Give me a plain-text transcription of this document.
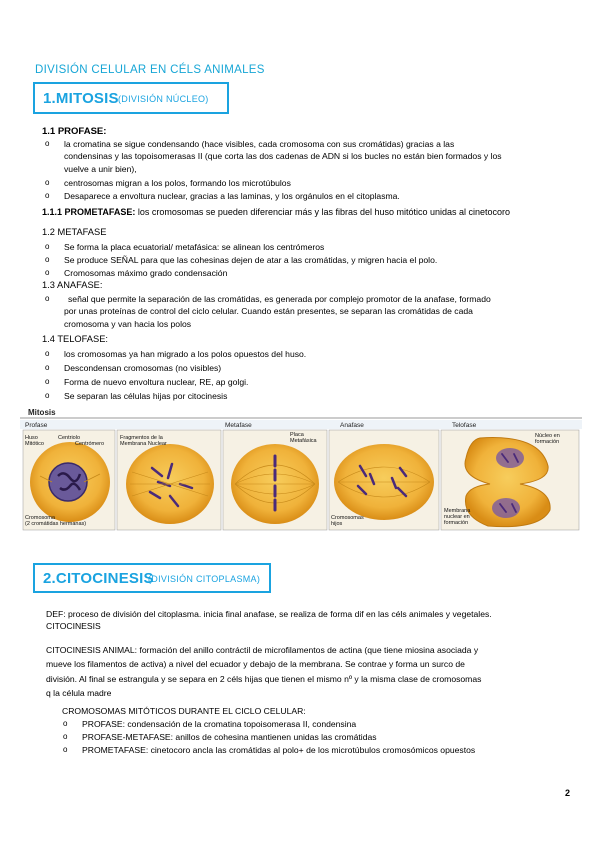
DIVISIÓN CELULAR EN CÉLS ANIMALES
1.MITOSIS (DIVISIÓN NÚCLEO)
1.1 PROFASE:
o la cromatina se sigue condensando (hace visibles, cada cromosoma con sus cromátidas) gracias a las
condensinas y las topoisomerasas II (que corta las dos cadenas de ADN si los bucles no están bien formados y los
vuelve a unir bien),
o centrosomas migran a los polos, formando los microtúbulos
o Desaparece a envoltura nuclear, gracias a las laminas, y los orgánulos en el citoplasma.
1.1.1 PROMETAFASE: los cromosomas se pueden diferenciar más y las fibras del huso mitótico unidas al cinetocoro
1.2 METAFASE
o Se forma la placa ecuatorial/ metafásica: se alinean los centrómeros
o Se produce SEÑAL para que las cohesinas dejen de atar a las cromátidas, y migren hacia el polo.
o Cromosomas máximo grado condensación
1.3 ANAFASE:
o	señal que permite la separación de las cromátidas, es generada por complejo promotor de la anafase, formado
por unas proteínas de control del ciclo celular. Cuando están presentes, se separan las cromátidas de cada
cromosoma y van hacia los polos
1.4 TELOFASE:
o los cromosomas ya han migrado a los polos opuestos del huso.
o Descondensan cromosomas (no visibles)
o Forma de nuevo envoltura nuclear, RE, ap golgi.
o Se separan las células hijas por citocinesis
Mitosis
Profase	Metafase	Anafase	Telofase
Huso
Mitótico
Centriolo
Centrómero
Cromosoma
(2 cromátidas hermanas)
Fragmentos de la
Membrana Nuclear
Placa
Metafásica
Cromosomas
hijos
Núcleo en
formación
Membrana
nuclear en
formación
2.CITOCINESIS
(DIVISIÓN CITOPLASMA)
DEF: proceso de división del citoplasma. inicia final anafase, se realiza de forma dif en las céls animales y vegetales.
CITOCINESIS
CITOCINESIS ANIMAL: formación del anillo contráctil de microfilamentos de actina (que tiene miosina asociada y
mueve los filamentos de activa) a nivel del ecuador y debajo de la membrana. Se contrae y forma un surco de
división. Al final se estrangula y se separa en 2 céls hijas que tienen el mismo nº y la misma clase de cromosomas
q la célula madre
CROMOSOMAS MITÓTICOS DURANTE EL CICLO CELULAR:
o PROFASE: condensación de la cromatina topoisomerasa II, condensina
o PROFASE-METAFASE: anillos de cohesina mantienen unidas las cromátidas
o PROMETAFASE: cinetocoro ancla las cromátidas al polo+ de los microtúbulos cromosómicos opuestos
2
